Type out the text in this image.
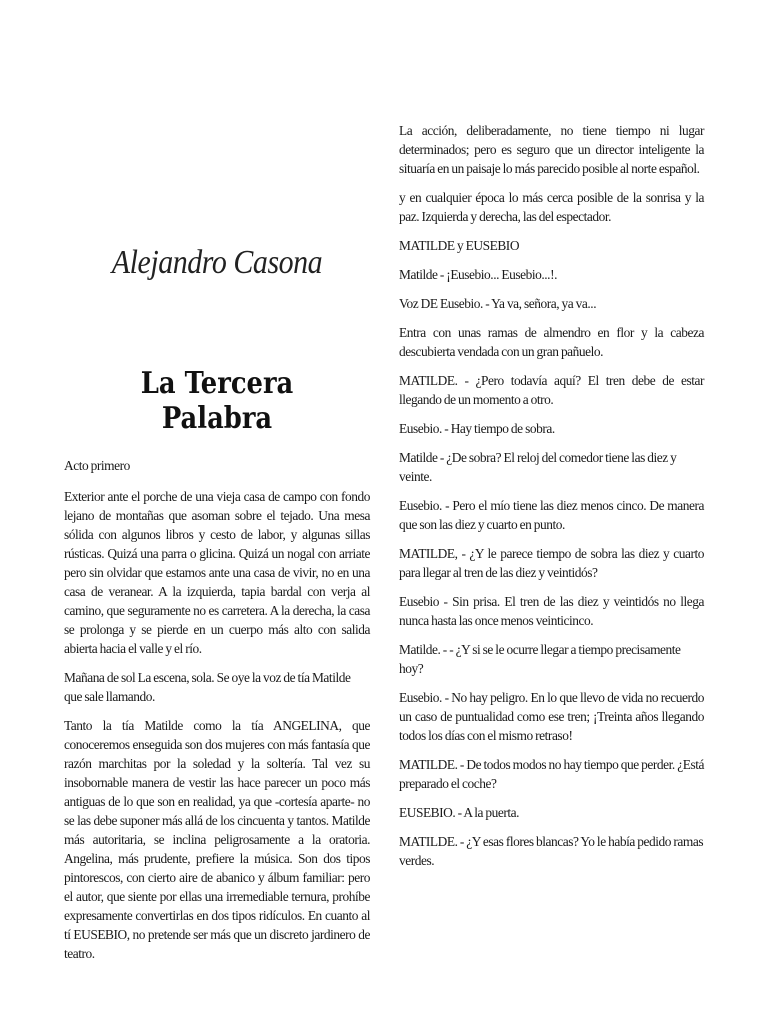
Alejandro Casona
La Tercera Palabra

Acto primero

Exterior ante el porche de una vieja casa de campo con fondo lejano de montañas que asoman sobre el tejado. Una mesa sólida con algunos libros y cesto de labor, y algunas sillas rústicas. Quizá una parra o glicina. Quizá un nogal con arriate pero sin olvidar que estamos ante una casa de vivir, no en una casa de veranear. A la izquierda, tapia bardal con verja al camino, que seguramente no es carretera. A la derecha, la casa se prolonga y se pierde en un cuerpo más alto con salida abierta hacia el valle y el río.

Mañana de sol La escena, sola. Se oye la voz de tía Matilde que sale llamando.

Tanto la tía Matilde como la tía ANGELINA, que conoceremos enseguida son dos mujeres con más fantasía que razón marchitas por la soledad y la soltería. Tal vez su insobornable manera de vestir las hace parecer un poco más antiguas de lo que son en realidad, ya que -cortesía aparte- no se las debe suponer más allá de los cincuenta y tantos. Matilde más autoritaria, se inclina peligrosamente a la oratoria. Angelina, más prudente, prefiere la música. Son dos tipos pintorescos, con cierto aire de abanico y álbum familiar: pero el autor, que siente por ellas una irremediable ternura, prohíbe expresamente convertirlas en dos tipos ridículos. En cuanto al tí EUSEBIO, no pretende ser más que un discreto jardinero de teatro.

La acción, deliberadamente, no tiene tiempo ni lugar determinados; pero es seguro que un director inteligente la situaría en un paisaje lo más parecido posible al norte español.

y en cualquier época lo más cerca posible de la sonrisa y la paz. Izquierda y derecha, las del espectador.

MATILDE y EUSEBIO

Matilde - ¡Eusebio... Eusebio...!.

Voz DE Eusebio. - Ya va, señora, ya va...

Entra con unas ramas de almendro en flor y la cabeza descubierta vendada con un gran pañuelo.

MATILDE. - ¿Pero todavía aquí? El tren debe de estar llegando de un momento a otro.

Eusebio. - Hay tiempo de sobra.

Matilde - ¿De sobra? El reloj del comedor tiene las diez y veinte.

Eusebio. - Pero el mío tiene las diez menos cinco. De manera que son las diez y cuarto en punto.

MATILDE, - ¿Y le parece tiempo de sobra las diez y cuarto para llegar al tren de las diez y veintidós?

Eusebio - Sin prisa. El tren de las diez y veintidós no llega nunca hasta las once menos veinticinco.

Matilde. - - ¿Y si se le ocurre llegar a tiempo precisamente hoy?

Eusebio. - No hay peligro. En lo que llevo de vida no recuerdo un caso de puntualidad como ese tren; ¡Treinta años llegando todos los días con el mismo retraso!

MATILDE. - De todos modos no hay tiempo que perder. ¿Está preparado el coche?

EUSEBIO. - A la puerta.

MATILDE. - ¿Y esas flores blancas? Yo le había pedido ramas verdes.
